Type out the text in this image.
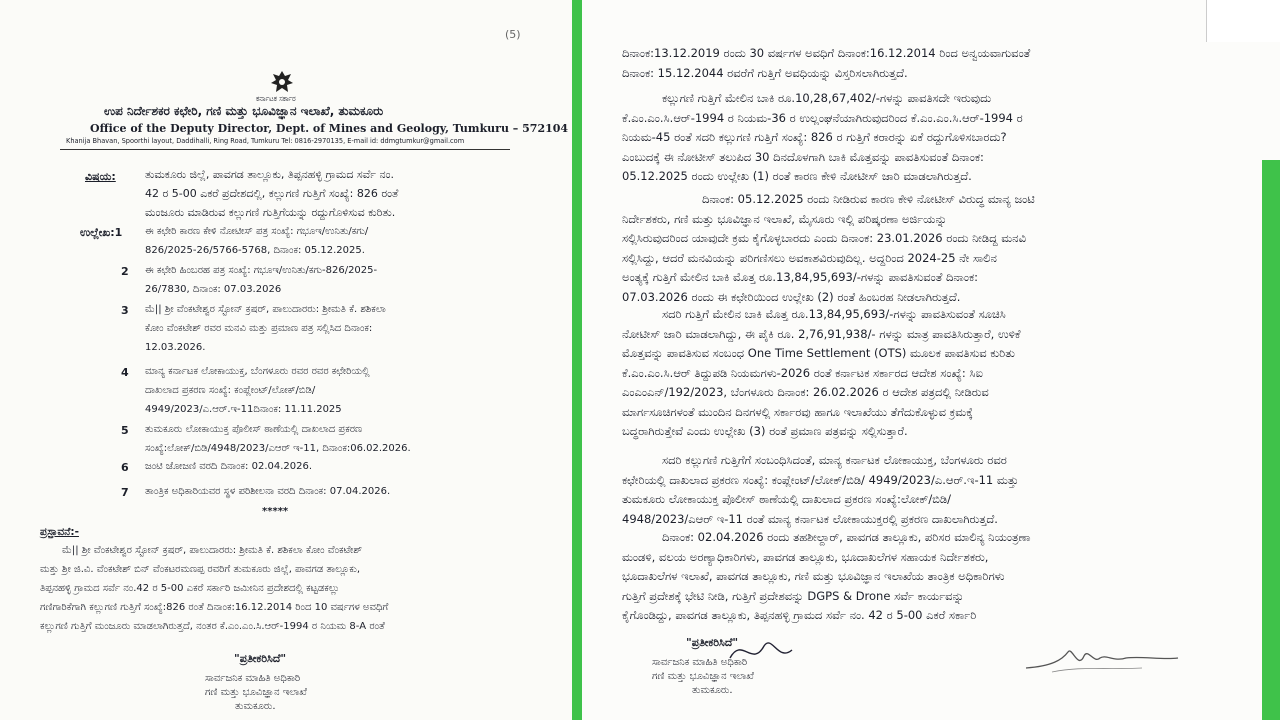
(5)
ಕರ್ನಾಟಕ ಸರ್ಕಾರ
ಉಪ ನಿರ್ದೇಶಕರ ಕಛೇರಿ, ಗಣಿ ಮತ್ತು ಭೂವಿಜ್ಞಾನ ಇಲಾಖೆ, ತುಮಕೂರು
Office of the Deputy Director, Dept. of Mines and Geology, Tumkuru – 572104
Khanija Bhavan, Spoorthi layout, Daddihalli, Ring Road, Tumkuru Tel: 0816-2970135, E-mail id: ddmgtumkur@gmail.com
ವಿಷಯ:	ತುಮಕೂರು ಜಿಲ್ಲೆ, ಪಾವಗಡ ತಾಲ್ಲೂಕು, ತಿಪ್ಪನಹಳ್ಳಿ ಗ್ರಾಮದ ಸರ್ವೆ ನಂ.
42 ರ 5-00 ಎಕರೆ ಪ್ರದೇಶದಲ್ಲಿ, ಕಲ್ಲುಗಣಿ ಗುತ್ತಿಗೆ ಸಂಖ್ಯೆ: 826 ರಂತೆ
ಮಂಜೂರು ಮಾಡಿರುವ ಕಲ್ಲುಗಣಿ ಗುತ್ತಿಗೆಯನ್ನು ರದ್ದುಗೊಳಿಸುವ ಕುರಿತು.
ಉಲ್ಲೇಖ:1 ಈ ಕಛೇರಿ ಕಾರಣ ಕೇಳಿ ನೋಟೀಸ್ ಪತ್ರ ಸಂಖ್ಯೆ: ಗಭೂಇ/ಉನಿತು/ಕಗು/
826/2025-26/5766-5768, ದಿನಾಂಕ: 05.12.2025.
2 ಈ ಕಛೇರಿ ಹಿಂಬರಹ ಪತ್ರ ಸಂಖ್ಯೆ: ಗಭೂಇ/ಉನಿತು/ಕಗು-826/2025-
26/7830, ದಿನಾಂಕ: 07.03.2026
3 ಮೆ|| ಶ್ರೀ ವೆಂಕಟೇಶ್ವರ ಸ್ಟೋನ್ ಕ್ರಷರ್, ಪಾಲುದಾರರು: ಶ್ರೀಮತಿ ಕೆ. ಶಶಿಕಲಾ
ಕೋಂ ವೆಂಕಟೇಶ್ ರವರ ಮನವಿ ಮತ್ತು ಪ್ರಮಾಣ ಪತ್ರ ಸಲ್ಲಿಸಿದ ದಿನಾಂಕ:
12.03.2026.
4 ಮಾನ್ಯ ಕರ್ನಾಟಕ ಲೋಕಾಯುಕ್ತ, ಬೆಂಗಳೂರು ರವರ ರವರ ಕಛೇರಿಯಲ್ಲಿ
ದಾಖಲಾದ ಪ್ರಕರಣ ಸಂಖ್ಯೆ: ಕಂಪ್ಲೇಂಟ್/ಲೋಕ್/ಬಿಡಿ/
4949/2023/ಎ.ಆರ್.ಇ-11ದಿನಾಂಕ: 11.11.2025
5 ತುಮಕೂರು ಲೋಕಾಯುಕ್ತ ಪೊಲೀಸ್ ಠಾಣೆಯಲ್ಲಿ ದಾಖಲಾದ ಪ್ರಕರಣ
ಸಂಖ್ಯೆ:ಲೋಕ್/ಬಿಡಿ/4948/2023/ಎಆರ್ ಇ-11, ದಿನಾಂಕ:06.02.2026.
6 ಜಂಟಿ ಜೋಜಣಿ ವರದಿ ದಿನಾಂಕ: 02.04.2026.
7 ತಾಂತ್ರಿಕ ಅಧಿಕಾರಿಯವರ ಸ್ಥಳ ಪರಿಶೀಲನಾ ವರದಿ ದಿನಾಂಕ: 07.04.2026.
*****
ಪ್ರಸ್ತಾವನೆ:-
ಮೆ|| ಶ್ರೀ ವೆಂಕಟೇಶ್ವರ ಸ್ಟೋನ್ ಕ್ರಷರ್, ಪಾಲುದಾರರು: ಶ್ರೀಮತಿ ಕೆ. ಶಶಿಕಲಾ ಕೋಂ ವೆಂಕಟೇಶ್
ಮತ್ತು ಶ್ರೀ ಜಿ.ವಿ. ವೆಂಕಟೇಶ್ ಬಿನ್ ವೆಂಕಟರಮಣಪ್ಪ ರವರಿಗೆ ತುಮಕೂರು ಜಿಲ್ಲೆ, ಪಾವಗಡ ತಾಲ್ಲೂಕು,
ತಿಪ್ಪನಹಳ್ಳಿ ಗ್ರಾಮದ ಸರ್ವೆ ನಂ.42 ರ 5-00 ಎಕರೆ ಸರ್ಕಾರಿ ಜಮೀನಿನ ಪ್ರದೇಶದಲ್ಲಿ ಕಟ್ಟಡಕಲ್ಲು
ಗಣಿಗಾರಿಕೆಗಾಗಿ ಕಲ್ಲುಗಣಿ ಗುತ್ತಿಗೆ ಸಂಖ್ಯೆ:826 ರಂತೆ ದಿನಾಂಕ:16.12.2014 ರಿಂದ 10 ವರ್ಷಗಳ ಅವಧಿಗೆ
ಕಲ್ಲುಗಣಿ ಗುತ್ತಿಗೆ ಮಂಜೂರು ಮಾಡಲಾಗಿರುತ್ತದೆ, ನಂತರ ಕೆ.ಎಂ.ಎಂ.ಸಿ.ಆರ್-1994 ರ ನಿಯಮ 8-A ರಂತೆ
"ಪ್ರತೀಕರಿಸಿದೆ"
ಸಾರ್ವಜನಿಕ ಮಾಹಿತಿ ಅಧಿಕಾರಿ
ಗಣಿ ಮತ್ತು ಭೂವಿಜ್ಞಾನ ಇಲಾಖೆ
ತುಮಕೂರು.
ದಿನಾಂಕ:13.12.2019 ರಂದು 30 ವರ್ಷಗಳ ಅವಧಿಗೆ ದಿನಾಂಕ:16.12.2014 ರಿಂದ ಅನ್ವಯವಾಗುವಂತೆ
ದಿನಾಂಕ: 15.12.2044 ರವರೆಗೆ ಗುತ್ತಿಗೆ ಅವಧಿಯನ್ನು ವಿಸ್ತರಿಸಲಾಗಿರುತ್ತದೆ.
ಕಲ್ಲುಗಣಿ ಗುತ್ತಿಗೆ ಮೇಲಿನ ಬಾಕಿ ರೂ.10,28,67,402/-ಗಳನ್ನು ಪಾವತಿಸದೇ ಇರುವುದು
ಕೆ.ಎಂ.ಎಂ.ಸಿ.ಆರ್-1994 ರ ನಿಯಮ-36 ರ ಉಲ್ಲಂಘನೆಯಾಗಿರುವುದರಿಂದ ಕೆ.ಎಂ.ಎಂ.ಸಿ.ಆರ್-1994 ರ
ನಿಯಮ-45 ರಂತೆ ಸದರಿ ಕಲ್ಲುಗಣಿ ಗುತ್ತಿಗೆ ಸಂಖ್ಯೆ: 826 ರ ಗುತ್ತಿಗೆ ಕರಾರನ್ನು ಏಕೆ ರದ್ದುಗೊಳಿಸಬಾರದು?
ಎಂಬುದಕ್ಕೆ ಈ ನೋಟೀಸ್ ತಲುಪಿದ 30 ದಿನದೊಳಗಾಗಿ ಬಾಕಿ ಮೊತ್ತವನ್ನು ಪಾವತಿಸುವಂತೆ ದಿನಾಂಕ:
05.12.2025 ರಂದು ಉಲ್ಲೇಖ (1) ರಂತೆ ಕಾರಣ ಕೇಳಿ ನೋಟೀಸ್ ಜಾರಿ ಮಾಡಲಾಗಿರುತ್ತದೆ.
ದಿನಾಂಕ: 05.12.2025 ರಂದು ನೀಡಿರುವ ಕಾರಣ ಕೇಳಿ ನೋಟೀಸ್ ವಿರುದ್ಧ ಮಾನ್ಯ ಜಂಟಿ
ನಿರ್ದೇಶಕರು, ಗಣಿ ಮತ್ತು ಭೂವಿಜ್ಞಾನ ಇಲಾಖೆ, ಮೈಸೂರು ಇಲ್ಲಿ ಪರಿಷ್ಕರಣಾ ಅರ್ಜಿಯನ್ನು
ಸಲ್ಲಿಸಿರುವುದರಿಂದ ಯಾವುದೇ ಕ್ರಮ ಕೈಗೊಳ್ಳಬಾರದು ಎಂದು ದಿನಾಂಕ: 23.01.2026 ರಂದು ನೀಡಿದ್ದ ಮನವಿ
ಸಲ್ಲಿಸಿದ್ದು, ಆದರೆ ಮನವಿಯನ್ನು ಪರಿಗಣಿಸಲು ಅವಕಾಶವಿರುವುದಿಲ್ಲ. ಅದ್ದರಿಂದ 2024-25 ನೇ ಸಾಲಿನ
ಅಂತ್ಯಕ್ಕೆ ಗುತ್ತಿಗೆ ಮೇಲಿನ ಬಾಕಿ ಮೊತ್ತ ರೂ.13,84,95,693/-ಗಳನ್ನು ಪಾವತಿಸುವಂತೆ ದಿನಾಂಕ:
07.03.2026 ರಂದು ಈ ಕಛೇರಿಯಿಂದ ಉಲ್ಲೇಖ (2) ರಂತೆ ಹಿಂಬರಹ ನೀಡಲಾಗಿರುತ್ತದೆ.
ಸದರಿ ಗುತ್ತಿಗೆ ಮೇಲಿನ ಬಾಕಿ ಮೊತ್ತ ರೂ.13,84,95,693/-ಗಳನ್ನು ಪಾವತಿಸುವಂತೆ ಸೂಚಿಸಿ
ನೋಟೀಸ್ ಜಾರಿ ಮಾಡಲಾಗಿದ್ದು, ಈ ಪೈಕಿ ರೂ. 2,76,91,938/- ಗಳನ್ನು ಮಾತ್ರ ಪಾವತಿಸಿರುತ್ತಾರೆ, ಉಳಿಕೆ
ಮೊತ್ತವನ್ನು ಪಾವತಿಸುವ ಸಂಬಂಧ One Time Settlement (OTS) ಮೂಲಕ ಪಾವತಿಸುವ ಕುರಿತು
ಕೆ.ಎಂ.ಎಂ.ಸಿ.ಆರ್ ತಿದ್ದುಪಡಿ ನಿಯಮಗಳು-2026 ರಂತೆ ಕರ್ನಾಟಕ ಸರ್ಕಾರದ ಆದೇಶ ಸಂಖ್ಯೆ: ಸಿಐ
ಎಂಎಂಎನ್/192/2023, ಬೆಂಗಳೂರು ದಿನಾಂಕ: 26.02.2026 ರ ಆದೇಶ ಪತ್ರದಲ್ಲಿ ನೀಡಿರುವ
ಮಾರ್ಗಸೂಚಿಗಳಂತೆ ಮುಂದಿನ ದಿನಗಳಲ್ಲಿ ಸರ್ಕಾರವು ಹಾಗೂ ಇಲಾಖೆಯು ತೆಗೆದುಕೊಳ್ಳುವ ಕ್ರಮಕ್ಕೆ
ಬದ್ಧರಾಗಿರುತ್ತೇವೆ ಎಂದು ಉಲ್ಲೇಖ (3) ರಂತೆ ಪ್ರಮಾಣ ಪತ್ರವನ್ನು ಸಲ್ಲಿಸುತ್ತಾರೆ.
ಸದರಿ ಕಲ್ಲುಗಣಿ ಗುತ್ತಿಗೆಗೆ ಸಂಬಂಧಿಸಿದಂತೆ, ಮಾನ್ಯ ಕರ್ನಾಟಕ ಲೋಕಾಯುಕ್ತ, ಬೆಂಗಳೂರು ರವರ
ಕಛೇರಿಯಲ್ಲಿ ದಾಖಲಾದ ಪ್ರಕರಣ ಸಂಖ್ಯೆ: ಕಂಪ್ಲೇಂಟ್/ಲೋಕ್/ಬಿಡಿ/ 4949/2023/ಎ.ಆರ್.ಇ-11 ಮತ್ತು
ತುಮಕೂರು ಲೋಕಾಯುಕ್ತ ಪೊಲೀಸ್ ಠಾಣೆಯಲ್ಲಿ ದಾಖಲಾದ ಪ್ರಕರಣ ಸಂಖ್ಯೆ:ಲೋಕ್/ಬಿಡಿ/
4948/2023/ಎಆರ್ ಇ-11 ರಂತೆ ಮಾನ್ಯ ಕರ್ನಾಟಕ ಲೋಕಾಯುಕ್ತರಲ್ಲಿ ಪ್ರಕರಣ ದಾಖಲಾಗಿರುತ್ತದೆ.
ದಿನಾಂಕ: 02.04.2026 ರಂದು ತಹಶೀಲ್ದಾರ್, ಪಾವಗಡ ತಾಲ್ಲೂಕು, ಪರಿಸರ ಮಾಲಿನ್ಯ ನಿಯಂತ್ರಣಾ
ಮಂಡಳಿ, ವಲಯ ಅರಣ್ಯಾಧಿಕಾರಿಗಳು, ಪಾವಗಡ ತಾಲ್ಲೂಕು, ಭೂದಾಖಲೆಗಳ ಸಹಾಯಕ ನಿರ್ದೇಶಕರು,
ಭೂದಾಖಲೆಗಳ ಇಲಾಖೆ, ಪಾವಗಡ ತಾಲ್ಲೂಕು, ಗಣಿ ಮತ್ತು ಭೂವಿಜ್ಞಾನ ಇಲಾಖೆಯ ತಾಂತ್ರಿಕ ಅಧಿಕಾರಿಗಳು
ಗುತ್ತಿಗೆ ಪ್ರದೇಶಕ್ಕೆ ಭೇಟಿ ನೀಡಿ, ಗುತ್ತಿಗೆ ಪ್ರದೇಶವನ್ನು DGPS & Drone ಸರ್ವೆ ಕಾರ್ಯವನ್ನು
ಕೈಗೊಂಡಿದ್ದು, ಪಾವಗಡ ತಾಲ್ಲೂಕು, ತಿಪ್ಪನಹಳ್ಳಿ ಗ್ರಾಮದ ಸರ್ವೆ ನಂ. 42 ರ 5-00 ಎಕರೆ ಸರ್ಕಾರಿ
"ಪ್ರತೀಕರಿಸಿದೆ"
ಸಾರ್ವಜನಿಕ ಮಾಹಿತಿ ಅಧಿಕಾರಿ
ಗಣಿ ಮತ್ತು ಭೂವಿಜ್ಞಾನ ಇಲಾಖೆ
ತುಮಕೂರು.
